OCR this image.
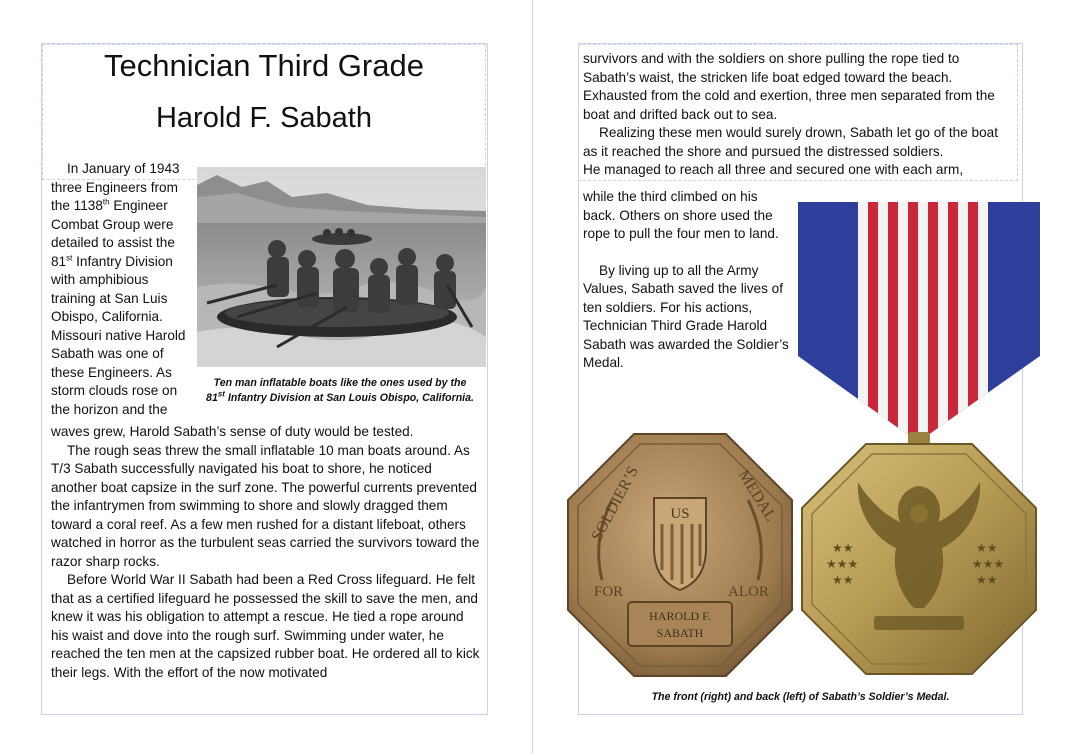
Technician Third Grade
Harold F. Sabath
In January of 1943
three Engineers from
the 1138th Engineer
Combat Group were
detailed to assist the
81st Infantry Division
with amphibious
training at San Luis
Obispo, California.
Missouri native Harold
Sabath was one of
these Engineers. As
storm clouds rose on
the horizon and the
waves grew, Harold Sabath’s sense of duty would be tested.

The rough seas threw the small inflatable 10 man boats around. As T/3 Sabath successfully navigated his boat to shore, he noticed another boat capsize in the surf zone. The powerful currents prevented the infantrymen from swimming to shore and slowly dragged them toward a coral reef. As a few men rushed for a distant lifeboat, others watched in horror as the turbulent seas carried the survivors toward the razor sharp rocks.

Before World War II Sabath had been a Red Cross lifeguard. He felt that as a certified lifeguard he possessed the skill to save the men, and knew it was his obligation to attempt a rescue. He tied a rope around his waist and dove into the rough surf. Swimming under water, he reached the ten men at the capsized rubber boat. He ordered all to kick their legs. With the effort of the now motivated

Ten man inflatable boats like the ones used by the
81st Infantry Division at San Louis Obispo, California.
survivors and with the soldiers on shore pulling the rope tied to
Sabath’s waist, the stricken life boat edged toward the beach.
Exhausted from the cold and exertion, three men separated from the
boat and drifted back out to sea.
Realizing these men would surely drown, Sabath let go of the boat
as it reached the shore and pursued the distressed soldiers.
He managed to reach all three and secured one with each arm,
while the third climbed on his
back. Others on shore used the
rope to pull the four men to land.
By living up to all the Army
Values, Sabath saved the lives of
ten soldiers. For his actions,
Technician Third Grade Harold
Sabath was awarded the Soldier’s
Medal.
SOLDIER’S	MEDAL
US
FOR	ALOR
HAROLD F.
SABATH
★★
★★★
★★
★★
★★★
★★
The front (right) and back (left) of Sabath’s Soldier’s Medal.
